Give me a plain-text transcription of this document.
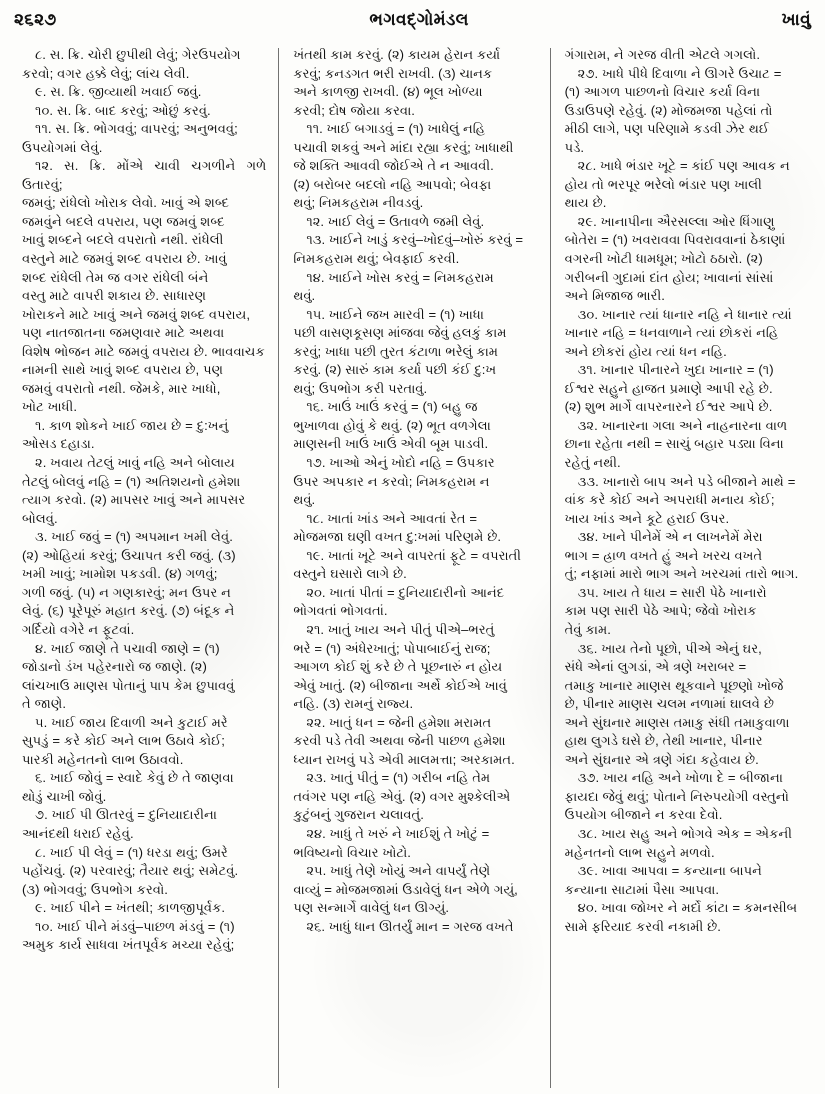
૨૬૨૭	ભગવદ્ગોમંડલ	ખાવું
૮. સ. ક્રિ. ચોરી છુપીથી લેવું; ગેરઉપયોગ
કરવો; વગર હક્કે લેવું; લાંચ લેવી.
૯. સ. ક્રિ. જીવ્યાથી ખવાઈ જવું.
૧૦. સ. ક્રિ. બાદ કરવું; ઓછું કરવું.
૧૧. સ. ક્રિ. ભોગવવું; વાપરવું; અનુભવવું;
ઉપયોગમાં લેવું.
૧૨. સ. ક્રિ. મોંએ ચાવી ચગળીને ગળે ઉતારવું;
જમવું; રાંધેલો ખોરાક લેવો. ખાવું એ શબ્દ
જમવુંને બદલે વપરાય, પણ જમવું શબ્દ
ખાવું શબ્દને બદલે વપરાતો નથી. રાંધેલી
વસ્તુને માટે જમવું શબ્દ વપરાય છે. ખાવું
શબ્દ રાંધેલી તેમ જ વગર રાંધેલી બંને
વસ્તુ માટે વાપરી શકાય છે. સાધારણ
ખોરાકને માટે ખાવું અને જમવું શબ્દ વપરાય,
પણ નાતજાતના જમણવાર માટે અથવા
વિશેષ ભોજન માટે જમવું વપરાય છે. ભાવવાચક
નામની સાથે ખાવું શબ્દ વપરાય છે, પણ
જમવું વપરાતો નથી. જેમકે, માર ખાધો,
ખોટ ખાધી.
૧. કાળ શોકને ખાઈ જાય છે = દુ:ખનું
ઓસડ દહાડા.
૨. ખવાય તેટલું ખાવું નહિ અને બોલાય
તેટલું બોલવું નહિ = (૧) અતિશયનો હમેશા
ત્યાગ કરવો. (૨) માપસર ખાવું અને માપસર
બોલવું.
૩. ખાઈ જવું = (૧) અપમાન ખમી લેવું.
(૨) ઓહિયાં કરવું; ઉચાપત કરી જવું. (૩)
ખમી ખાવું; ખામોશ પકડવી. (૪) ગળવું;
ગળી જવું. (૫) ન ગણકારવું; મન ઉપર ન
લેવું. (૬) પૂરેપૂરું મહાત કરવું. (૭) બંદૂક ને
ગર્દિયો વગેરે ન ફૂટવાં.
૪. ખાઈ જાણે તે પચાવી જાણે = (૧)
જોડાનો ડંખ પહેરનારો જ જાણે. (૨)
લાંચખાઉ માણસ પોતાનું પાપ કેમ છુપાવવું
તે જાણે.
૫. ખાઈ જાય દિવાળી અને કુટાઈ મરે
સુપડું = કરે કોઈ અને લાભ ઉઠાવે કોઈ;
પારકી મહેનતનો લાભ ઉઠાવવો.
૬. ખાઈ જોવું = સ્વાદે કેવું છે તે જાણવા
થોડું ચાખી જોવું.
૭. ખાઈ પી ઊતરવું = દુનિયાદારીના
આનંદથી ધરાઈ રહેવું.
૮. ખાઈ પી લેવું = (૧) ધરડા થવું; ઉમરે
પહોંચવું. (૨) પરવારવું; તૈયાર થવું; સમેટવું.
(૩) ભોગવવું; ઉપભોગ કરવો.
૯. ખાઈ પીને = ખંતથી; કાળજીપૂર્વક.
૧૦. ખાઈ પીને મંડવું–પાછળ મંડવું = (૧)
અમુક કાર્ય સાધવા ખંતપૂર્વક મચ્યા રહેવું;
ખંતથી કામ કરવું. (૨) કાયમ હેરાન કર્યા
કરવું; કનડગત ભરી રાખવી. (૩) ચાનક
અને કાળજી રાખવી. (૪) ભૂલ ખોળ્યા
કરવી; દોષ જોયા કરવા.
૧૧. ખાઈ બગાડવું = (૧) ખાધેલું નહિ
પચાવી શકવું અને માંદા રહ્યા કરવું; ખાધાથી
જે શક્તિ આવવી જોઈએ તે ન આવવી.
(૨) બરોબર બદલો નહિ આપવો; બેવફા
થવું; નિમકહરામ નીવડવું.
૧૨. ખાઈ લેવું = ઉતાવળે જમી લેવું.
૧૩. ખાઈને ખાડું કરવું–ખોદવું–ખોરું કરવું =
નિમકહરામ થવું; બેવફાઈ કરવી.
૧૪. ખાઈને ખોસ કરવું = નિમકહરામ
થવું.
૧૫. ખાઈને જખ મારવી = (૧) ખાધા
પછી વાસણકૂસણ માંજવા જેવું હલકું કામ
કરવું; ખાધા પછી તુરત કંટાળા ભરેલું કામ
કરવું. (૨) સારું કામ કર્યા પછી કંઈ દુ:ખ
થવું; ઉપભોગ કરી પરતાવું.
૧૬. ખાઉં ખાઉં કરવું = (૧) બહુ જ
ભુખાળવા હોવું કે થવું. (૨) ભૂત વળગેલા
માણસની ખાઉં ખાઉં એવી બૂમ પાડવી.
૧૭. ખાઓ એનું ખોદો નહિ = ઉપકાર
ઉપર અપકાર ન કરવો; નિમકહરામ ન
થવું.
૧૮. ખાતાં ખાંડ અને આવતાં રેત =
મોજમજા ઘણી વખત દુ:ખમાં પરિણમે છે.
૧૯. ખાતાં ખૂટે અને વાપરતાં ફૂટે = વપરાતી
વસ્તુને ઘસારો લાગે છે.
૨૦. ખાતાં પીતાં = દુનિયાદારીનો આનંદ
ભોગવતાં ભોગવતાં.
૨૧. ખાતું ખાય અને પીતું પીએ–ભરતું
ભરે = (૧) અંધેરખાતું; પોપાબાઈનું રાજ;
આગળ કોઈ શું કરે છે તે પૂછનારું ન હોય
એવું ખાતું. (૨) બીજાના અર્થે કોઈએ ખાવું
નહિ. (૩) રામનું રાજ્ય.
૨૨. ખાતું ધન = જેની હમેશા મરામત
કરવી પડે તેવી અથવા જેની પાછળ હમેશા
ધ્યાન રાખવું પડે એવી માલમત્તા; અરકામત.
૨૩. ખાતું પીતું = (૧) ગરીબ નહિ તેમ
તવંગર પણ નહિ એવું. (૨) વગર મુશ્કેલીએ
કુટુંબનું ગુજરાન ચલાવતું.
૨૪. ખાધું તે ખરું ને ખાઈશું તે ખોટું =
ભવિષ્યનો વિચાર ખોટો.
૨૫. ખાધું તેણે ખોયું અને વાપર્યું તેણે
વાવ્યું = મોજમજામાં ઉડાવેલું ધન એળે ગયું,
પણ સન્માર્ગે વાવેલું ધન ઊગ્યું.
૨૬. ખાધું ધાન ઊતર્યું માન = ગરજ વખતે
ગંગારામ, ને ગરજ વીતી એટલે ગગલો.
૨૭. ખાધે પીધે દિવાળા ને ઊગરે ઉચાટ =
(૧) આગળ પાછળનો વિચાર કર્યા વિના
ઉડાઉપણે રહેવું. (૨) મોજમજા પહેલાં તો
મીઠી લાગે, પણ પરિણામે કડવી ઝેર થઈ
પડે.
૨૮. ખાધે ભંડાર ખૂટે = કાંઈ પણ આવક ન
હોય તો ભરપૂર ભરેલો ભંડાર પણ ખાલી
થાય છે.
૨૯. ખાનાપીના ઐરસલ્લા ઓર ધિંગાણુ
બોતેરા = (૧) ખવરાવવા પિવરાવવાનાં ઠેકાણાં
વગરની ખોટી ધામધૂમ; ખોટો ઠઠારો. (૨)
ગરીબની ગુદામાં દાંત હોય; ખાવાનાં સાંસાં
અને મિજાજ ભારી.
૩૦. ખાનાર ત્યાં ધાનાર નહિ ને ધાનાર ત્યાં
ખાનાર નહિ = ધનવાળાને ત્યાં છોકરાં નહિ
અને છોકરાં હોય ત્યાં ધન નહિ.
૩૧. ખાનાર પીનારને ખુદા ખાનાર = (૧)
ઈશ્વર સહુને હાજત પ્રમાણે આપી રહે છે.
(૨) શુભ માર્ગે વાપરનારને ઈશ્વર આપે છે.
૩૨. ખાનારના ગલા અને નાહનારના વાળ
છાના રહેતા નથી = સાચું બહાર પડ્યા વિના
રહેતું નથી.
૩૩. ખાનારો બાપ અને પડે બીજાને માથે =
વાંક કરે કોઈ અને અપરાધી મનાય કોઈ;
ખાય ખાંડ અને કૂટે હરાઈ ઉપર.
૩૪. ખાને પીનેમેં એ ન લાખનેમેં મેરા
ભાગ = હ્રાળ વખતે હું અને ખરચ વખતે
તું; નફામાં મારો ભાગ અને ખરચમાં તારો ભાગ.
૩૫. ખાય તે ધાય = સારી પેઠે ખાનારો
કામ પણ સારી પેઠે આપે; જેવો ખોરાક
તેવું કામ.
૩૬. ખાય તેનો પૂછો, પીએ એનું ઘર,
સંધે એનાં લુગડાં, એ ત્રણે ખરાબર =
તમાકુ ખાનાર માણસ થૂકવાને પૂછણો ખોજે
છે, પીનાર માણસ ચલમ નળામાં ઘાલવે છે
અને સુંઘનાર માણસ તમાકુ સંધી તમાકુવાળા
હાથ લુગડે ઘસે છે, તેથી ખાનાર, પીનાર
અને સુંઘનાર એ ત્રણે ગંદા કહેવાય છે.
૩૭. ખાય નહિ અને ખોળા દે = બીજાના
ફાયદા જેવું થવું; પોતાને નિરુપયોગી વસ્તુનો
ઉપયોગ બીજાને ન કરવા દેવો.
૩૮. ખાય સહુ અને ભોગવે એક = એકની
મહેનતનો લાભ સહુને મળવો.
૩૯. ખાવા આપવા = કન્યાના બાપને
કન્યાના સાટામાં પૈસા આપવા.
૪૦. ખાવા જોખર ને મર્દો કાંટા = કમનસીબ
સામે ફરિયાદ કરવી નકામી છે.
